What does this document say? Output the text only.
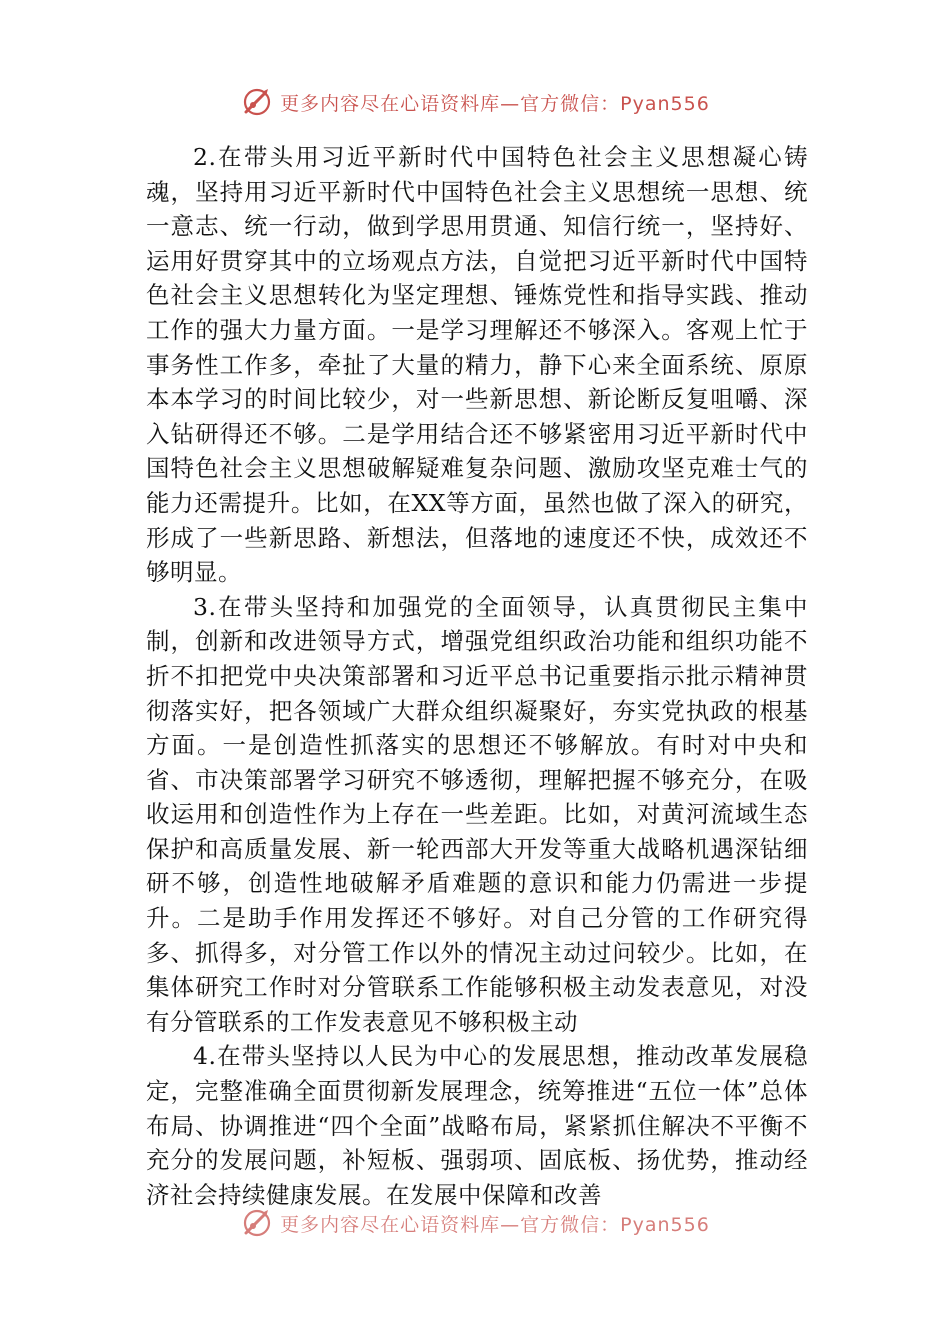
更多内容尽在心语资料库—官方微信：Pyan556

2.在带头用习近平新时代中国特色社会主义思想凝心铸魂，坚持用习近平新时代中国特色社会主义思想统一思想、统一意志、统一行动，做到学思用贯通、知信行统一，坚持好、运用好贯穿其中的立场观点方法，自觉把习近平新时代中国特色社会主义思想转化为坚定理想、锤炼党性和指导实践、推动工作的强大力量方面。一是学习理解还不够深入。客观上忙于事务性工作多，牵扯了大量的精力，静下心来全面系统、原原本本学习的时间比较少，对一些新思想、新论断反复咀嚼、深入钻研得还不够。二是学用结合还不够紧密用习近平新时代中国特色社会主义思想破解疑难复杂问题、激励攻坚克难士气的能力还需提升。比如，在XX等方面，虽然也做了深入的研究，形成了一些新思路、新想法，但落地的速度还不快，成效还不够明显。

3.在带头坚持和加强党的全面领导，认真贯彻民主集中制，创新和改进领导方式，增强党组织政治功能和组织功能不折不扣把党中央决策部署和习近平总书记重要指示批示精神贯彻落实好，把各领域广大群众组织凝聚好，夯实党执政的根基方面。一是创造性抓落实的思想还不够解放。有时对中央和省、市决策部署学习研究不够透彻，理解把握不够充分，在吸收运用和创造性作为上存在一些差距。比如，对黄河流域生态保护和高质量发展、新一轮西部大开发等重大战略机遇深钻细研不够，创造性地破解矛盾难题的意识和能力仍需进一步提升。二是助手作用发挥还不够好。对自己分管的工作研究得多、抓得多，对分管工作以外的情况主动过问较少。比如，在集体研究工作时对分管联系工作能够积极主动发表意见，对没有分管联系的工作发表意见不够积极主动

4.在带头坚持以人民为中心的发展思想，推动改革发展稳定，完整准确全面贯彻新发展理念，统筹推进“五位一体”总体布局、协调推进“四个全面”战略布局，紧紧抓住解决不平衡不充分的发展问题，补短板、强弱项、固底板、扬优势，推动经济社会持续健康发展。在发展中保障和改善

更多内容尽在心语资料库—官方微信：Pyan556
